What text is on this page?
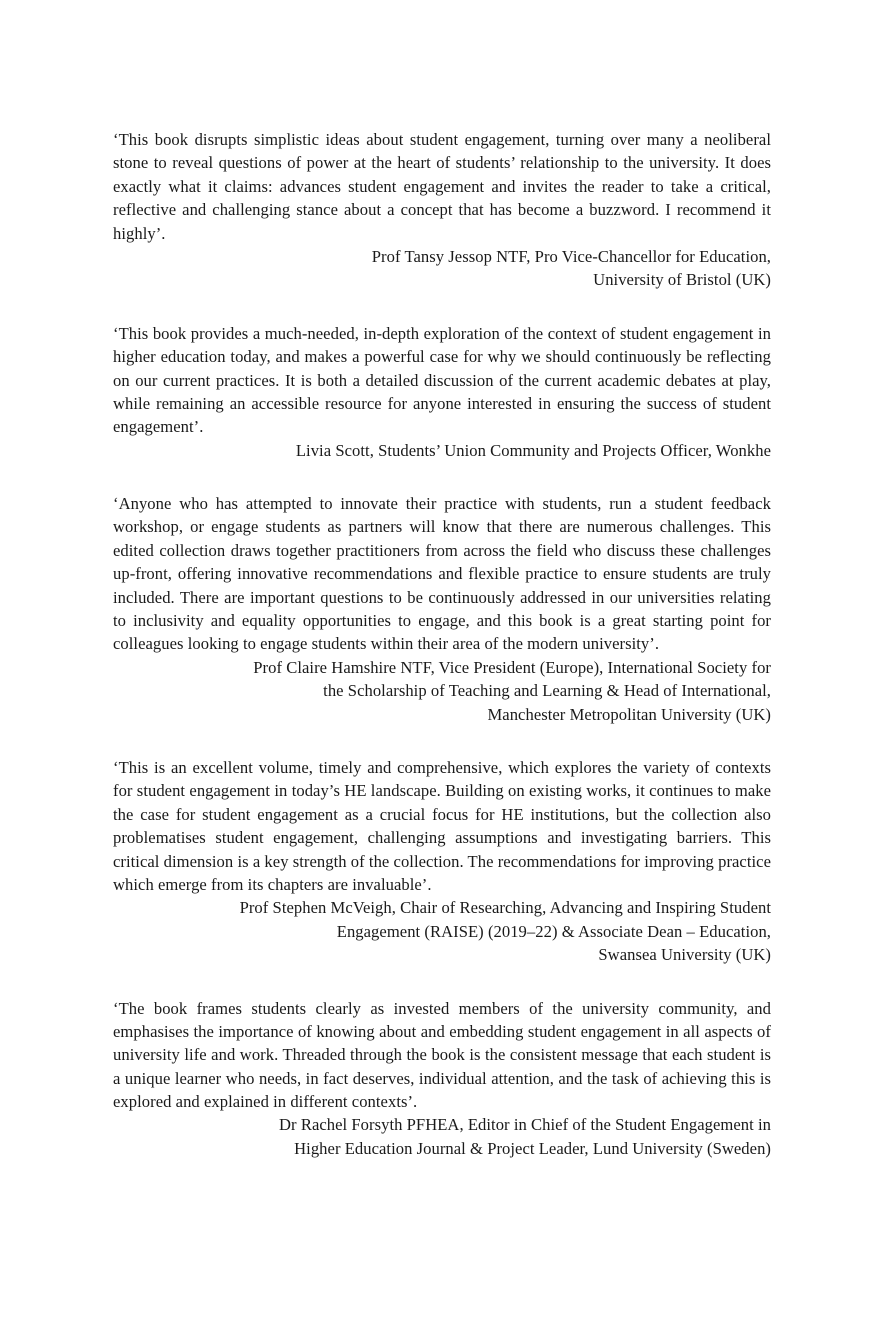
‘This book disrupts simplistic ideas about student engagement, turning over many a neoliberal stone to reveal questions of power at the heart of students’ relationship to the university. It does exactly what it claims: advances student engagement and invites the reader to take a critical, reflective and challenging stance about a concept that has become a buzzword. I recommend it highly’.

Prof Tansy Jessop NTF, Pro Vice-Chancellor for Education,
University of Bristol (UK)

‘This book provides a much-needed, in-depth exploration of the context of student engagement in higher education today, and makes a powerful case for why we should continuously be reflecting on our current practices. It is both a detailed discussion of the current academic debates at play, while remaining an accessible resource for anyone interested in ensuring the success of student engagement’.

Livia Scott, Students’ Union Community and Projects Officer, Wonkhe

‘Anyone who has attempted to innovate their practice with students, run a student feedback workshop, or engage students as partners will know that there are numerous challenges. This edited collection draws together practitioners from across the field who discuss these challenges up-front, offering innovative recommendations and flexible practice to ensure students are truly included. There are important questions to be continuously addressed in our universities relating to inclusivity and equality opportunities to engage, and this book is a great starting point for colleagues looking to engage students within their area of the modern university’.

Prof Claire Hamshire NTF, Vice President (Europe), International Society for
the Scholarship of Teaching and Learning & Head of International,
Manchester Metropolitan University (UK)

‘This is an excellent volume, timely and comprehensive, which explores the variety of contexts for student engagement in today’s HE landscape. Building on existing works, it continues to make the case for student engagement as a crucial focus for HE institutions, but the collection also problematises student engagement, challenging assumptions and investigating barriers. This critical dimension is a key strength of the collection. The recommendations for improving practice which emerge from its chapters are invaluable’.

Prof Stephen McVeigh, Chair of Researching, Advancing and Inspiring Student
Engagement (RAISE) (2019–22) & Associate Dean – Education,
Swansea University (UK)

‘The book frames students clearly as invested members of the university community, and emphasises the importance of knowing about and embedding student engagement in all aspects of university life and work. Threaded through the book is the consistent message that each student is a unique learner who needs, in fact deserves, individual attention, and the task of achieving this is explored and explained in different contexts’.

Dr Rachel Forsyth PFHEA, Editor in Chief of the Student Engagement in
Higher Education Journal & Project Leader, Lund University (Sweden)
